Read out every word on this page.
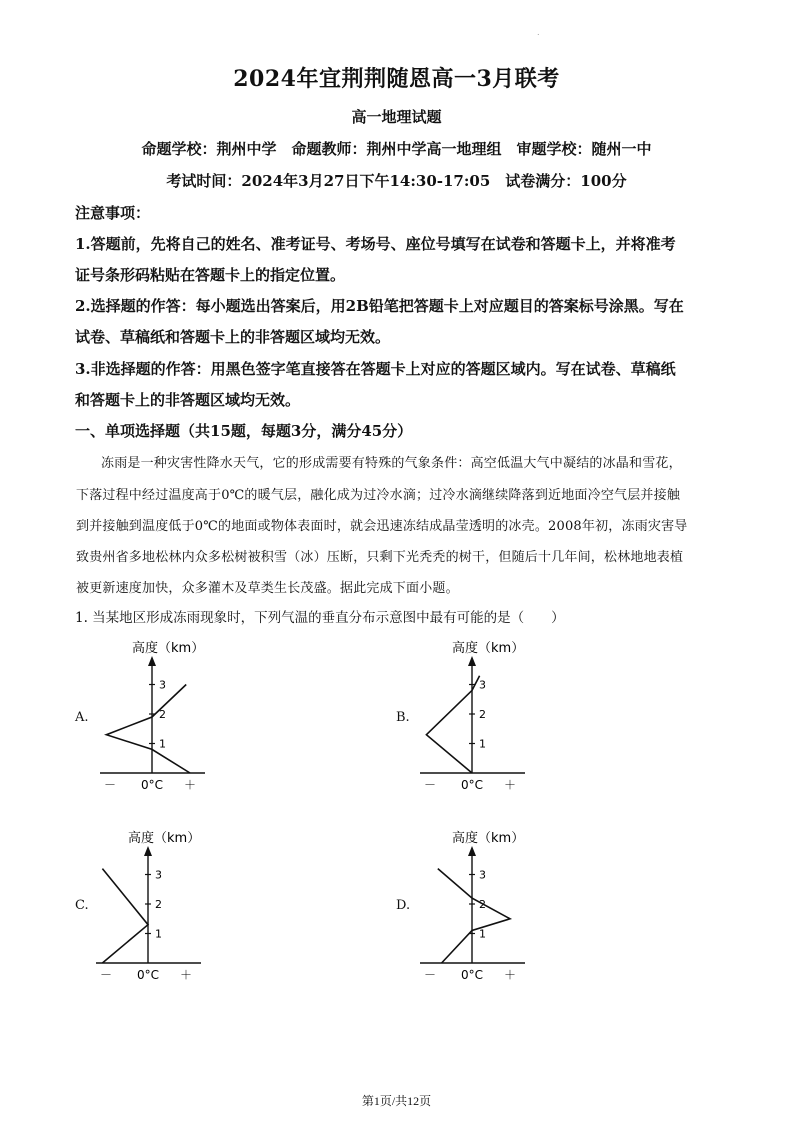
.
2024年宜荆荆随恩高一3月联考
高一地理试题
命题学校：荆州中学　命题教师：荆州中学高一地理组　审题学校：随州一中
考试时间：2024年3月27日下午14:30-17:05　试卷满分：100分
注意事项：
1.答题前，先将自己的姓名、准考证号、考场号、座位号填写在试卷和答题卡上，并将准考
证号条形码粘贴在答题卡上的指定位置。
2.选择题的作答：每小题选出答案后，用2B铅笔把答题卡上对应题目的答案标号涂黑。写在
试卷、草稿纸和答题卡上的非答题区域均无效。
3.非选择题的作答：用黑色签字笔直接答在答题卡上对应的答题区域内。写在试卷、草稿纸
和答题卡上的非答题区域均无效。
一、单项选择题（共15题，每题3分，满分45分）
冻雨是一种灾害性降水天气，它的形成需要有特殊的气象条件：高空低温大气中凝结的冰晶和雪花，
下落过程中经过温度高于0℃的暖气层，融化成为过冷水滴；过冷水滴继续降落到近地面冷空气层并接触
到并接触到温度低于0℃的地面或物体表面时，就会迅速冻结成晶莹透明的冰壳。2008年初，冻雨灾害导
致贵州省多地松林内众多松树被积雪（冰）压断，只剩下光秃秃的树干，但随后十几年间，松林地地表植
被更新速度加快，众多灌木及草类生长茂盛。据此完成下面小题。
1. 当某地区形成冻雨现象时，下列气温的垂直分布示意图中最有可能的是（　　）
A.	B.
C.	D.
高度（km）
1
2
3
－ 0°C ＋
高度（km）
1
2
3
－ 0°C ＋
高度（km）
1
2
3
－ 0°C ＋
高度（km）
1
2
3
－ 0°C ＋
第1页/共12页
